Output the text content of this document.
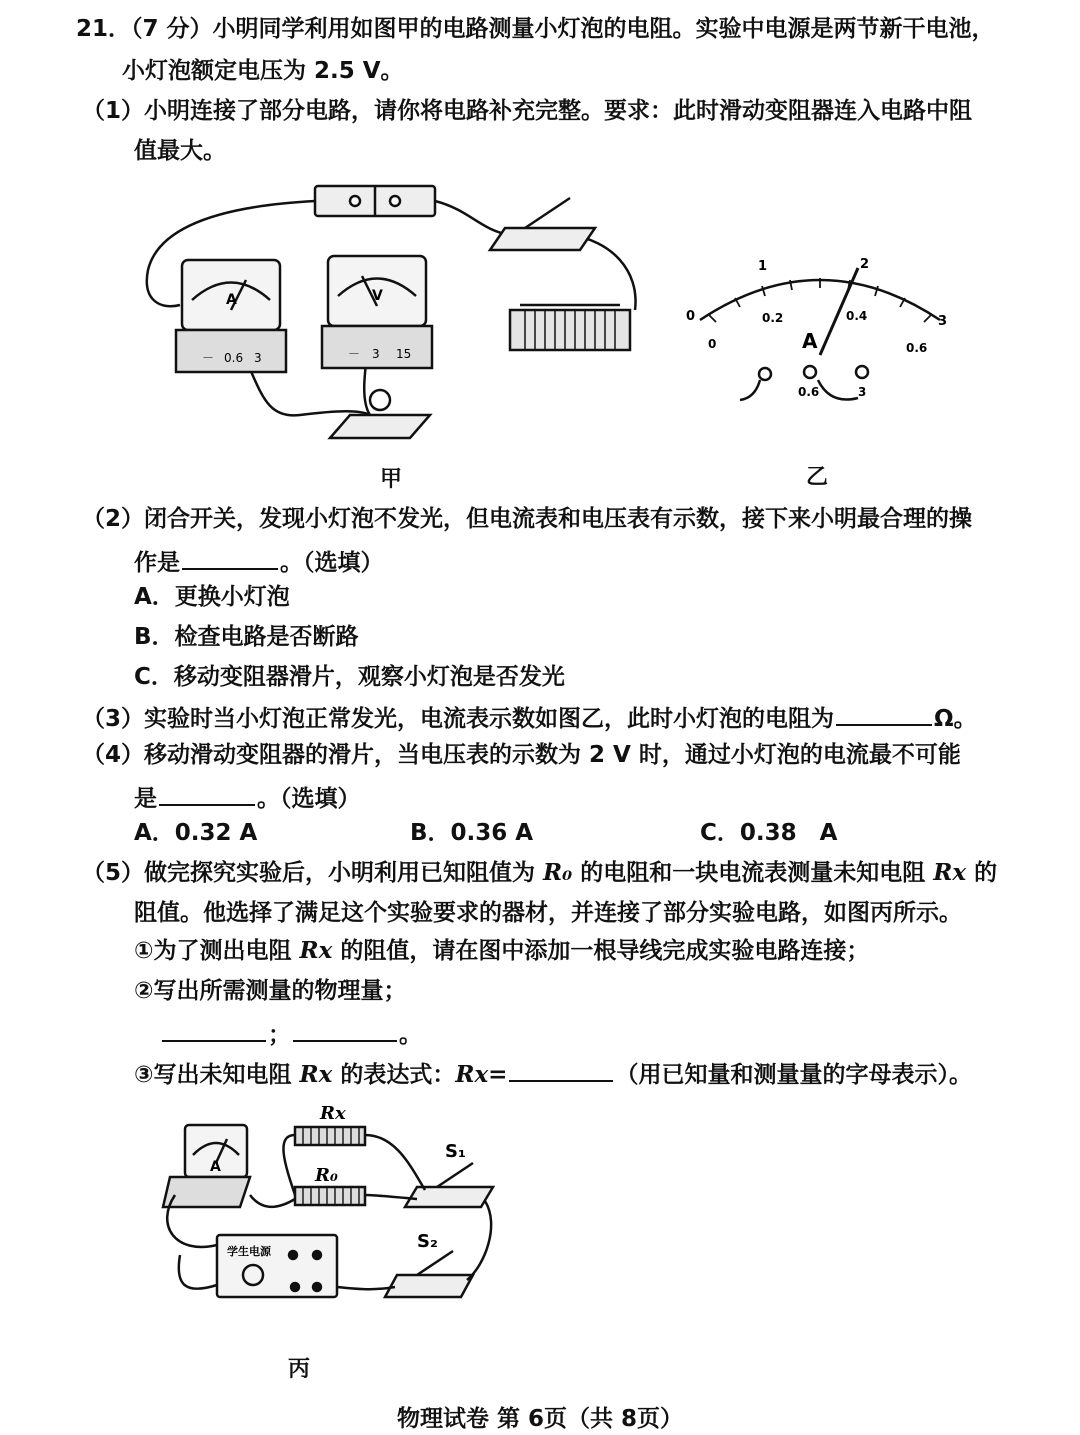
21．（7 分）小明同学利用如图甲的电路测量小灯泡的电阻。实验中电源是两节新干电池，
小灯泡额定电压为 2.5 V。
（1）小明连接了部分电路，请你将电路补充完整。要求：此时滑动变阻器连入电路中阻
值最大。
A
－ 0.6 3
V
－ 3 15
甲
0
1	2
3
0
0.2	0.4
0.6
A
0.6	3
乙
（2）闭合开关，发现小灯泡不发光，但电流表和电压表有示数，接下来小明最合理的操
作是	。（选填）
A．更换小灯泡
B．检查电路是否断路
C．移动变阻器滑片，观察小灯泡是否发光
（3）实验时当小灯泡正常发光，电流表示数如图乙，此时小灯泡的电阻为	Ω。
（4）移动滑动变阻器的滑片，当电压表的示数为 2 V 时，通过小灯泡的电流最不可能
是	。（选填）
A．0.32 A	B．0.36 A	C．0.38　A
（5）做完探究实验后，小明利用已知阻值为 R₀ 的电阻和一块电流表测量未知电阻 Rx 的
阻值。他选择了满足这个实验要求的器材，并连接了部分实验电路，如图丙所示。
①为了测出电阻 Rx 的阻值，请在图中添加一根导线完成实验电路连接；
②写出所需测量的物理量；
；	。
③写出未知电阻 Rx 的表达式：Rx=	（用已知量和测量量的字母表示）。
Rx
R₀
S₁
S₂
A
学生电源
丙
物理试卷 第 6页（共 8页）
